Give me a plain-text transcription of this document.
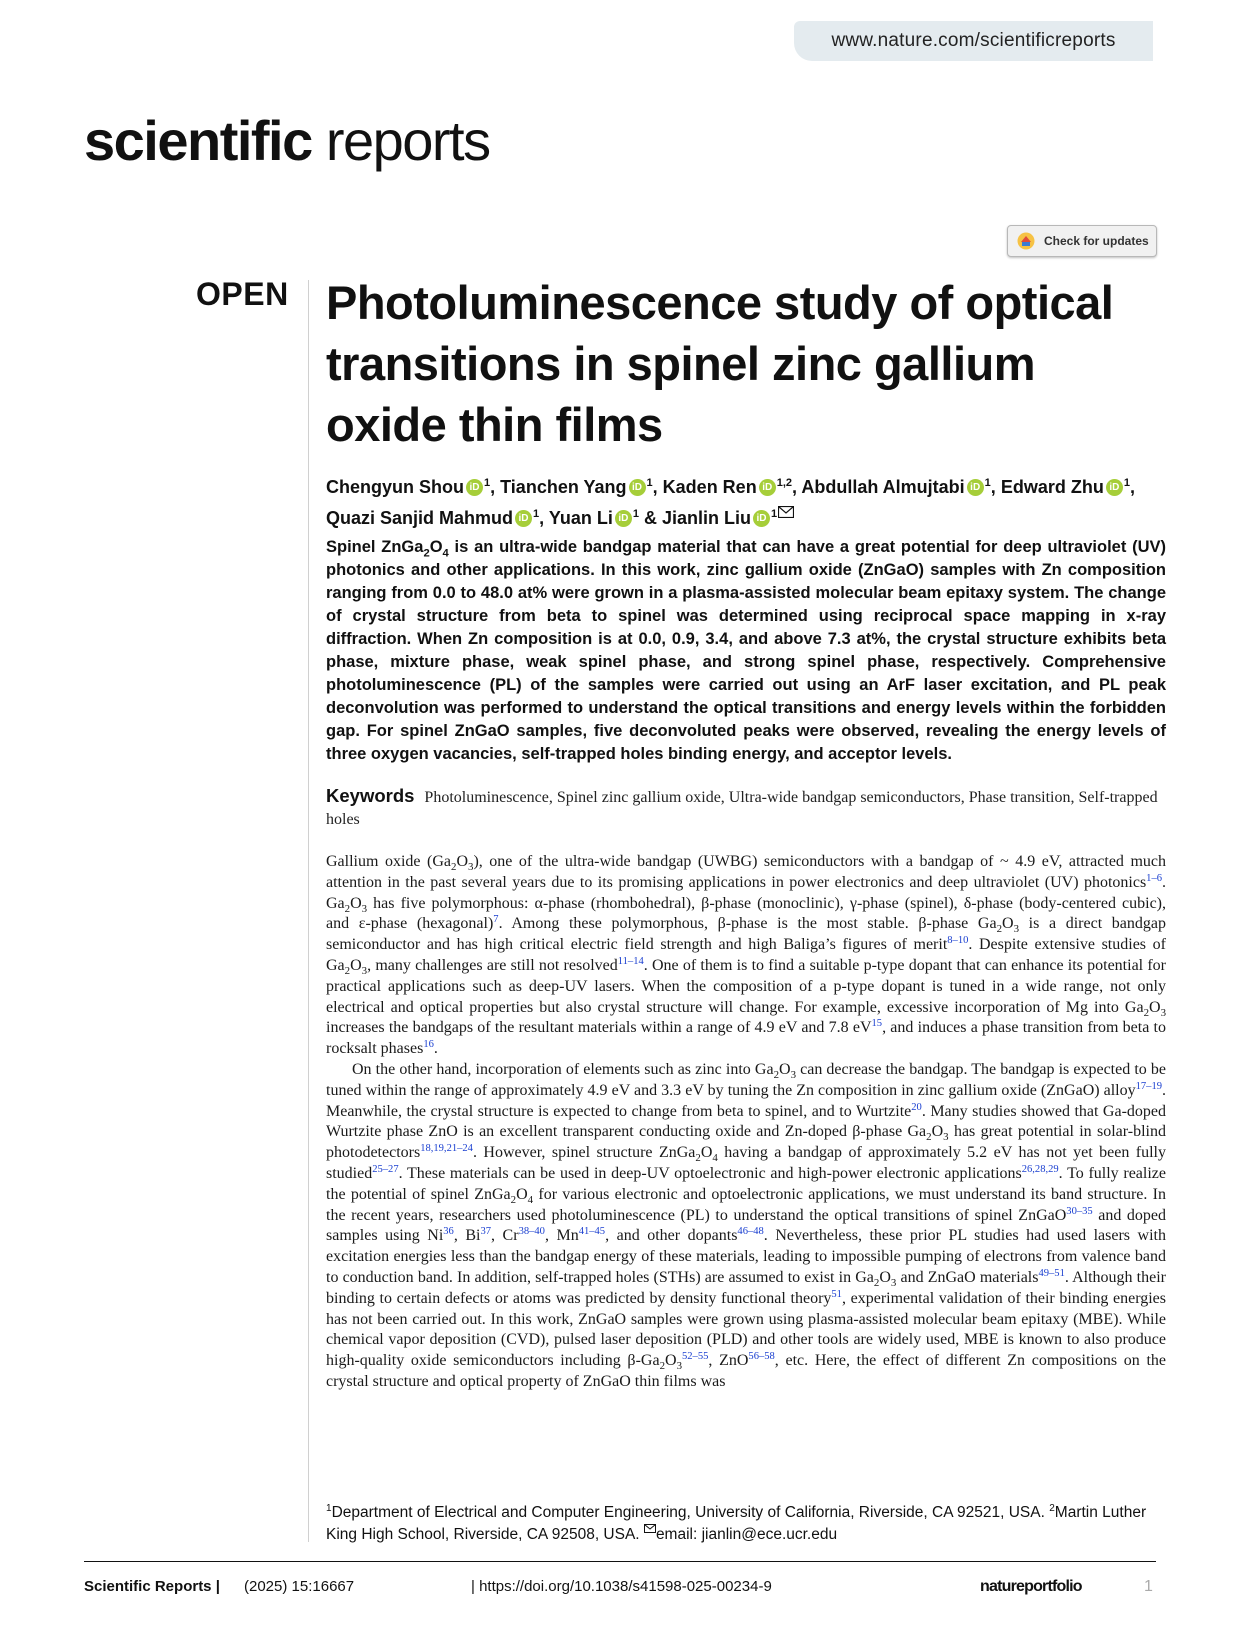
www.nature.com/scientificreports
scientific reports
Check for updates
OPEN Photoluminescence study of optical transitions in spinel zinc gallium oxide thin films
Chengyun Shou iD $^1$, Tianchen Yang iD $^1$, Kaden Ren iD $^{1,2}$, Abdullah Almujtabi iD $^1$, Edward Zhu iD $^1$, Quazi Sanjid Mahmud iD $^1$, Yuan Li iD $^1$ & Jianlin Liu iD $^1$

Spinel $ZnGa_2O_4$ is an ultra-wide bandgap material that can have a great potential for deep ultraviolet (UV) photonics and other applications. In this work, zinc gallium oxide (ZnGaO) samples with Zn composition ranging from 0.0 to 48.0 at% were grown in a plasma-assisted molecular beam epitaxy system. The change of crystal structure from beta to spinel was determined using reciprocal space mapping in x-ray diffraction. When Zn composition is at 0.0, 0.9, 3.4, and above 7.3 at%, the crystal structure exhibits beta phase, mixture phase, weak spinel phase, and strong spinel phase, respectively. Comprehensive photoluminescence (PL) of the samples were carried out using an ArF laser excitation, and PL peak deconvolution was performed to understand the optical transitions and energy levels within the forbidden gap. For spinel ZnGaO samples, five deconvoluted peaks were observed, revealing the energy levels of three oxygen vacancies, self-trapped holes binding energy, and acceptor levels.

Keywords Photoluminescence, Spinel zinc gallium oxide, Ultra-wide bandgap semiconductors, Phase transition, Self-trapped holes

Gallium oxide $(Ga_2O_3)$, one of the ultra-wide bandgap (UWBG) semiconductors with a bandgap of ~ 4.9 eV, attracted much attention in the past several years due to its promising applications in power electronics and deep ultraviolet (UV) photonics$^{1-6}$. $Ga_2O_3$ has five polymorphous: α-phase (rhombohedral), β-phase (monoclinic), γ-phase (spinel), δ-phase (body-centered cubic), and ε-phase (hexagonal)$^7$. Among these polymorphous, β-phase is the most stable. β-phase $Ga_2O_3$ is a direct bandgap semiconductor and has high critical electric field strength and high Baliga’s figures of merit$^{8-10}$. Despite extensive studies of $Ga_2O_3$, many challenges are still not resolved$^{11-14}$. One of them is to find a suitable p-type dopant that can enhance its potential for practical applications such as deep-UV lasers. When the composition of a p-type dopant is tuned in a wide range, not only electrical and optical properties but also crystal structure will change. For example, excessive incorporation of Mg into $Ga_2O_3$ increases the bandgaps of the resultant materials within a range of 4.9 eV and 7.8 $eV^{15}$, and induces a phase transition from beta to rocksalt phases$^{16}$.

On the other hand, incorporation of elements such as zinc into $Ga_2O_3$ can decrease the bandgap. The bandgap is expected to be tuned within the range of approximately 4.9 eV and 3.3 eV by tuning the Zn composition in zinc gallium oxide (ZnGaO) alloy$^{17-19}$. Meanwhile, the crystal structure is expected to change from beta to spinel, and to Wurtzite$^{20}$. Many studies showed that Ga-doped Wurtzite phase ZnO is an excellent transparent conducting oxide and Zn-doped β-phase $Ga_2O_3$ has great potential in solar-blind photodetectors$^{18,19,21-24}$. However, spinel structure $ZnGa_2O_4$ having a bandgap of approximately 5.2 eV has not yet been fully studied$^{25-27}$. These materials can be used in deep-UV optoelectronic and high-power electronic applications$^{26,28,29}$. To fully realize the potential of spinel $ZnGa_2O_4$ for various electronic and optoelectronic applications, we must understand its band structure. In the recent years, researchers used photoluminescence (PL) to understand the optical transitions of spinel ZnGaO$^{30-35}$ and doped samples using Ni$^{36}$, Bi$^{37}$, Cr$^{38-40}$, Mn$^{41-45}$, and other dopants$^{46-48}$. Nevertheless, these prior PL studies had used lasers with excitation energies less than the bandgap energy of these materials, leading to impossible pumping of electrons from valence band to conduction band. In addition, self-trapped holes (STHs) are assumed to exist in $Ga_2O_3$ and ZnGaO materials$^{49-51}$. Although their binding to certain defects or atoms was predicted by density functional theory$^{51}$, experimental validation of their binding energies has not been carried out. In this work, ZnGaO samples were grown using plasma-assisted molecular beam epitaxy (MBE). While chemical vapor deposition (CVD), pulsed laser deposition (PLD) and other tools are widely used, MBE is known to also produce high-quality oxide semiconductors including $\beta-Ga_2O_3^{52-55}$, ZnO$^{56-58}$, etc. Here, the effect of different Zn compositions on the crystal structure and optical property of ZnGaO thin films was

$^1$Department of Electrical and Computer Engineering, University of California, Riverside, CA 92521, USA. $^2$Martin Luther King High School, Riverside, CA 92508, USA. email: jianlin@ece.ucr.edu
Scientific Reports | (2025) 15:16667	| https://doi.org/10.1038/s41598-025-00234-9	natureportfolio	1
